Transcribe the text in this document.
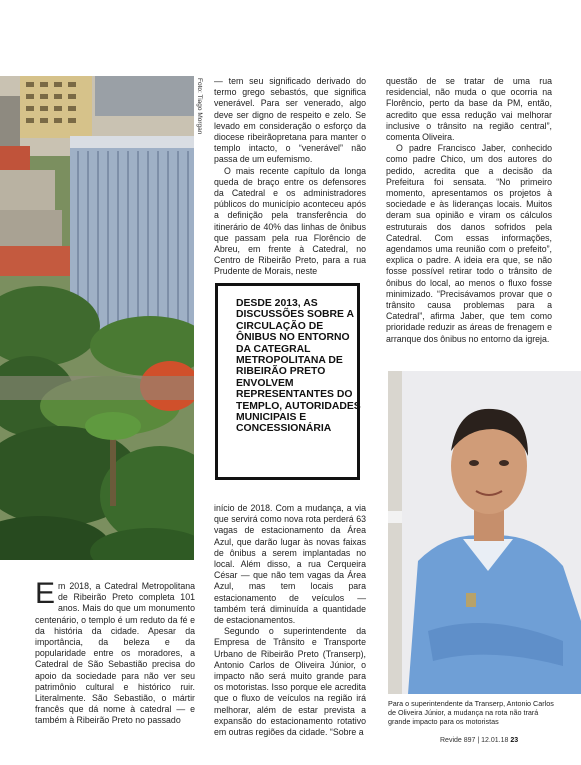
Foto: Tiago Morgan
DESDE 2013, AS DISCUSSÕES SOBRE A CIRCULAÇÃO DE ÔNIBUS NO ENTORNO DA CATEGRAL METROPOLITANA DE RIBEIRÃO PRETO ENVOLVEM REPRESENTANTES DO TEMPLO, AUTORIDADES MUNICIPAIS E CONCESSIONÁRIA

— tem seu significado derivado do termo grego sebastós, que significa venerável. Para ser venerado, algo deve ser digno de respeito e zelo. Se levado em consideração o esforço da diocese ribeirãopretana para manter o templo intacto, o “venerável” não passa de um eufemismo.

O mais recente capítulo da longa queda de braço entre os defensores da Catedral e os administradores públicos do município aconteceu após a definição pela transferência do itinerário de 40% das linhas de ônibus que passam pela rua Florêncio de Abreu, em frente à Catedral, no Centro de Ribeirão Preto, para a rua Prudente de Morais, neste

início de 2018. Com a mudança, a via que servirá como nova rota perderá 63 vagas de estacionamento da Área Azul, que darão lugar às novas faixas de ônibus a serem implantadas no local. Além disso, a rua Cerqueira César — que não tem vagas da Área Azul, mas tem locais para estacionamento de veículos — também terá diminuída a quantidade de estacionamentos.

Segundo o superintendente da Empresa de Trânsito e Transporte Urbano de Ribeirão Preto (Transerp), Antonio Carlos de Oliveira Júnior, o impacto não será muito grande para os motoristas. Isso porque ele acredita que o fluxo de veículos na região irá melhorar, além de estar prevista a expansão do estacionamento rotativo em outras regiões da cidade. “Sobre a

questão de se tratar de uma rua residencial, não muda o que ocorria na Florêncio, perto da base da PM, então, acredito que essa redução vai melhorar inclusive o trânsito na região central”, comenta Oliveira.

O padre Francisco Jaber, conhecido como padre Chico, um dos autores do pedido, acredita que a decisão da Prefeitura foi sensata. “No primeiro momento, apresentamos os projetos à sociedade e às lideranças locais. Muitos deram sua opinião e viram os cálculos estruturais dos danos sofridos pela Catedral. Com essas informações, agendamos uma reunião com o prefeito”, explica o padre. A ideia era que, se não fosse possível retirar todo o trânsito de ônibus do local, ao menos o fluxo fosse minimizado. “Precisávamos provar que o trânsito causa problemas para a Catedral”, afirma Jaber, que tem como prioridade reduzir as áreas de frenagem e arranque dos ônibus no entorno da igreja.

E m 2018, a Catedral Metropolitana de Ribeirão Preto completa 101 anos. Mais do que um monumento centenário, o templo é um reduto da fé e da história da cidade. Apesar da importância, da beleza e da popularidade entre os moradores, a Catedral de São Sebastião precisa do apoio da sociedade para não ver seu patrimônio cultural e histórico ruir. Literalmente. São Sebastião, o mártir francês que dá nome à catedral — e também à Ribeirão Preto no passado

Para o superintendente da Transerp, Antonio Carlos de Oliveira Júnior, a mudança na rota não trará grande impacto para os motoristas
Revide 897 | 12.01.18 23
